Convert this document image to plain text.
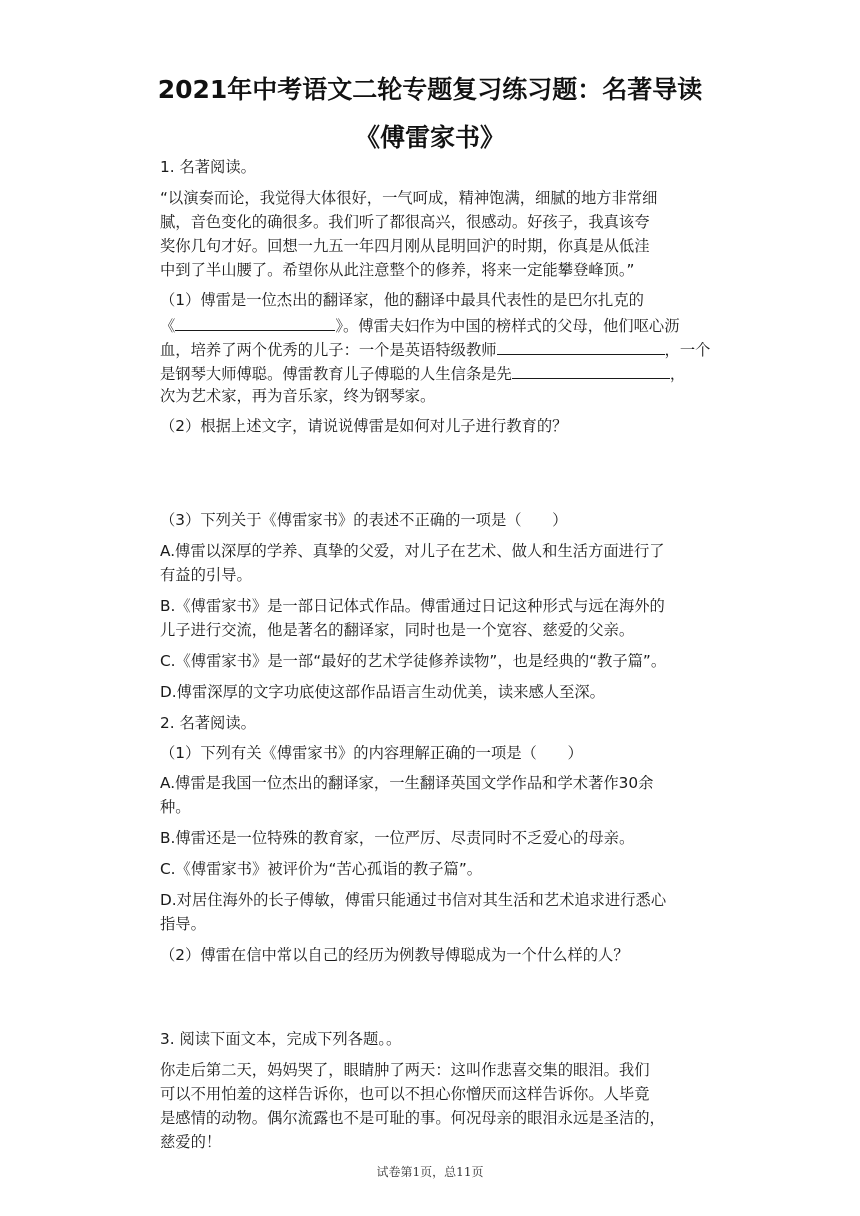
2021年中考语文二轮专题复习练习题：名著导读
《傅雷家书》

1. 名著阅读。

“以演奏而论，我觉得大体很好，一气呵成，精神饱满，细腻的地方非常细

腻，音色变化的确很多。我们听了都很高兴，很感动。好孩子，我真该夸

奖你几句才好。回想一九五一年四月刚从昆明回沪的时期，你真是从低洼

中到了半山腰了。希望你从此注意整个的修养，将来一定能攀登峰顶。”

（1）傅雷是一位杰出的翻译家，他的翻译中最具代表性的是巴尔扎克的

《	》。傅雷夫妇作为中国的榜样式的父母，他们呕心沥

血，培养了两个优秀的儿子：一个是英语特级教师	，一个

是钢琴大师傅聪。傅雷教育儿子傅聪的人生信条是先	，

次为艺术家，再为音乐家，终为钢琴家。

（2）根据上述文字，请说说傅雷是如何对儿子进行教育的？

（3）下列关于《傅雷家书》的表述不正确的一项是（　　）

A.傅雷以深厚的学养、真挚的父爱，对儿子在艺术、做人和生活方面进行了

有益的引导。

B.《傅雷家书》是一部日记体式作品。傅雷通过日记这种形式与远在海外的

儿子进行交流，他是著名的翻译家，同时也是一个宽容、慈爱的父亲。

C.《傅雷家书》是一部“最好的艺术学徒修养读物”，也是经典的“教子篇”。

D.傅雷深厚的文字功底使这部作品语言生动优美，读来感人至深。

2. 名著阅读。

（1）下列有关《傅雷家书》的内容理解正确的一项是（　　）

A.傅雷是我国一位杰出的翻译家，一生翻译英国文学作品和学术著作30余

种。

B.傅雷还是一位特殊的教育家，一位严厉、尽责同时不乏爱心的母亲。

C.《傅雷家书》被评价为“苦心孤诣的教子篇”。

D.对居住海外的长子傅敏，傅雷只能通过书信对其生活和艺术追求进行悉心

指导。

（2）傅雷在信中常以自己的经历为例教导傅聪成为一个什么样的人？

3. 阅读下面文本，完成下列各题。。

你走后第二天，妈妈哭了，眼睛肿了两天：这叫作悲喜交集的眼泪。我们

可以不用怕羞的这样告诉你，也可以不担心你憎厌而这样告诉你。人毕竟

是感情的动物。偶尔流露也不是可耻的事。何况母亲的眼泪永远是圣洁的，

慈爱的！

试卷第1页，总11页
